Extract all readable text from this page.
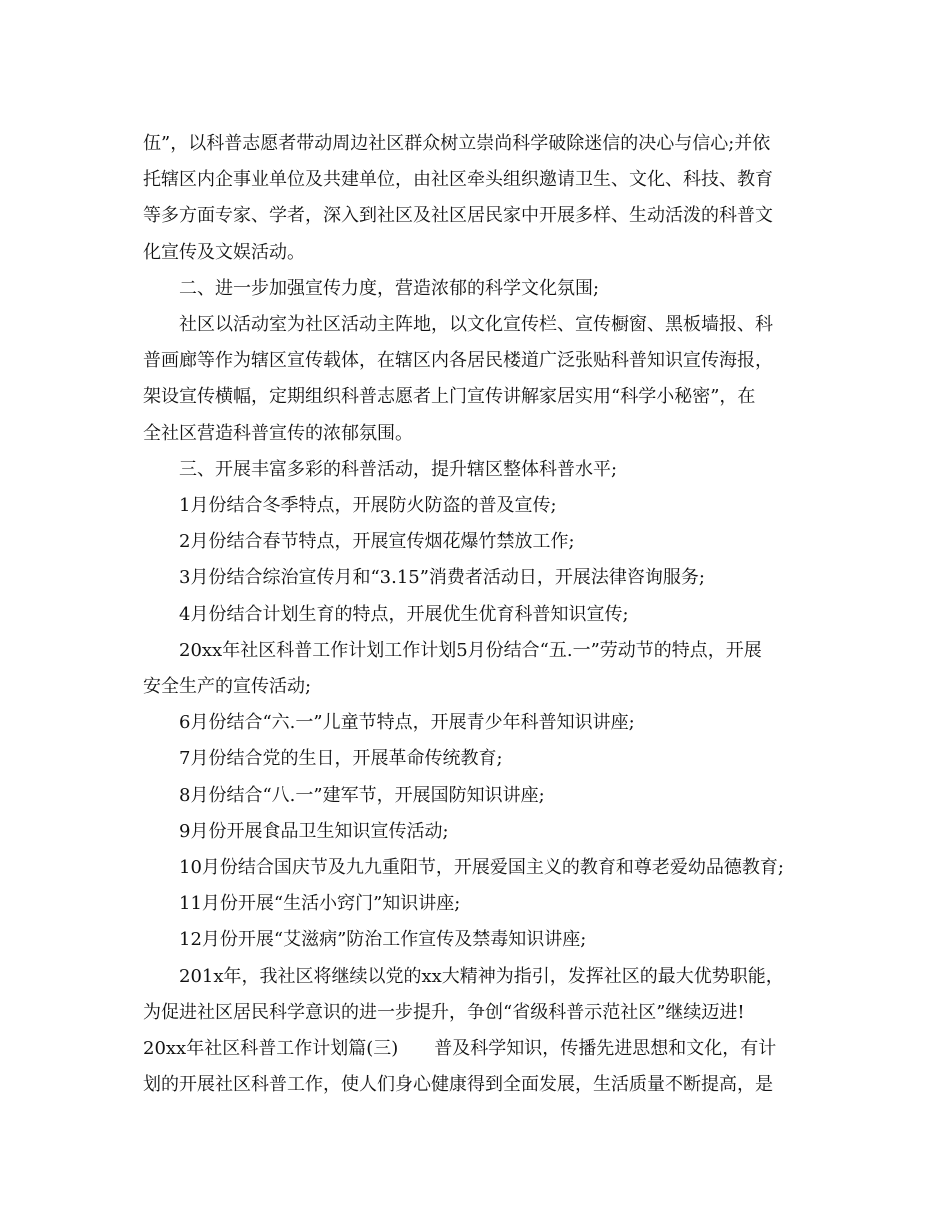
伍”，以科普志愿者带动周边社区群众树立崇尚科学破除迷信的决心与信心;并依

托辖区内企事业单位及共建单位，由社区牵头组织邀请卫生、文化、科技、教育

等多方面专家、学者，深入到社区及社区居民家中开展多样、生动活泼的科普文

化宣传及文娱活动。

二、进一步加强宣传力度，营造浓郁的科学文化氛围;

社区以活动室为社区活动主阵地，以文化宣传栏、宣传橱窗、黑板墙报、科

普画廊等作为辖区宣传载体，在辖区内各居民楼道广泛张贴科普知识宣传海报，

架设宣传横幅，定期组织科普志愿者上门宣传讲解家居实用“科学小秘密”，在

全社区营造科普宣传的浓郁氛围。

三、开展丰富多彩的科普活动，提升辖区整体科普水平;

1月份结合冬季特点，开展防火防盗的普及宣传;

2月份结合春节特点，开展宣传烟花爆竹禁放工作;

3月份结合综治宣传月和“3.15”消费者活动日，开展法律咨询服务;

4月份结合计划生育的特点，开展优生优育科普知识宣传;

20xx年社区科普工作计划工作计划5月份结合“五.一”劳动节的特点，开展

安全生产的宣传活动;

6月份结合“六.一”儿童节特点，开展青少年科普知识讲座;

7月份结合党的生日，开展革命传统教育;

8月份结合“八.一”建军节，开展国防知识讲座;

9月份开展食品卫生知识宣传活动;

10月份结合国庆节及九九重阳节，开展爱国主义的教育和尊老爱幼品德教育;

11月份开展“生活小窍门”知识讲座;

12月份开展“艾滋病”防治工作宣传及禁毒知识讲座;

201x年，我社区将继续以党的xx大精神为指引，发挥社区的最大优势职能，

为促进社区居民科学意识的进一步提升，争创“省级科普示范社区”继续迈进!

20xx年社区科普工作计划篇(三)　　普及科学知识，传播先进思想和文化，有计

划的开展社区科普工作，使人们身心健康得到全面发展，生活质量不断提高，是
